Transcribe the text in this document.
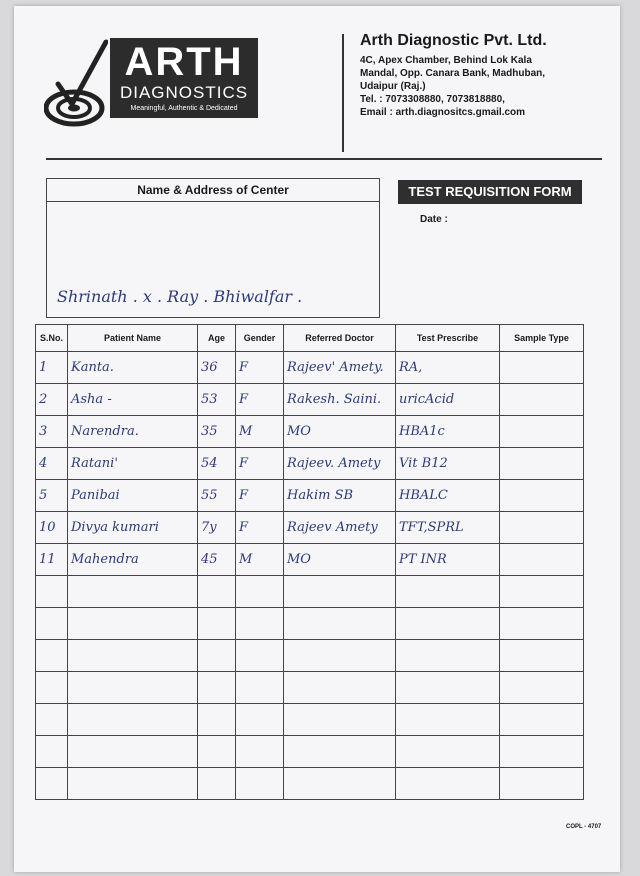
ARTH
DIAGNOSTICS
Meaningful, Authentic & Dedicated
Arth Diagnostic Pvt. Ltd.
4C, Apex Chamber, Behind Lok Kala
Mandal, Opp. Canara Bank, Madhuban,
Udaipur (Raj.)
Tel. : 7073308880, 7073818880,
Email : arth.diagnositcs.gmail.com
Name & Address of Center
Shrinath . x . Ray . Bhiwalfar .
TEST REQUISITION FORM
Date :
COPL - 4707
S.No.	Patient Name	Age	Gender	Referred Doctor	Test Prescribe	Sample Type
1	Kanta.	36	F	Rajeev' Amety.	RA,	
2	Asha -	53	F	Rakesh. Saini.	uricAcid	
3	Narendra.	35	M	MO	HBA1c	
4	Ratani'	54	F	Rajeev. Amety	Vit B12	
5	Panibai	55	F	Hakim SB	HBALC	
10	Divya kumari	7y	F	Rajeev Amety	TFT,SPRL	
11	Mahendra	45	M	MO	PT INR	
